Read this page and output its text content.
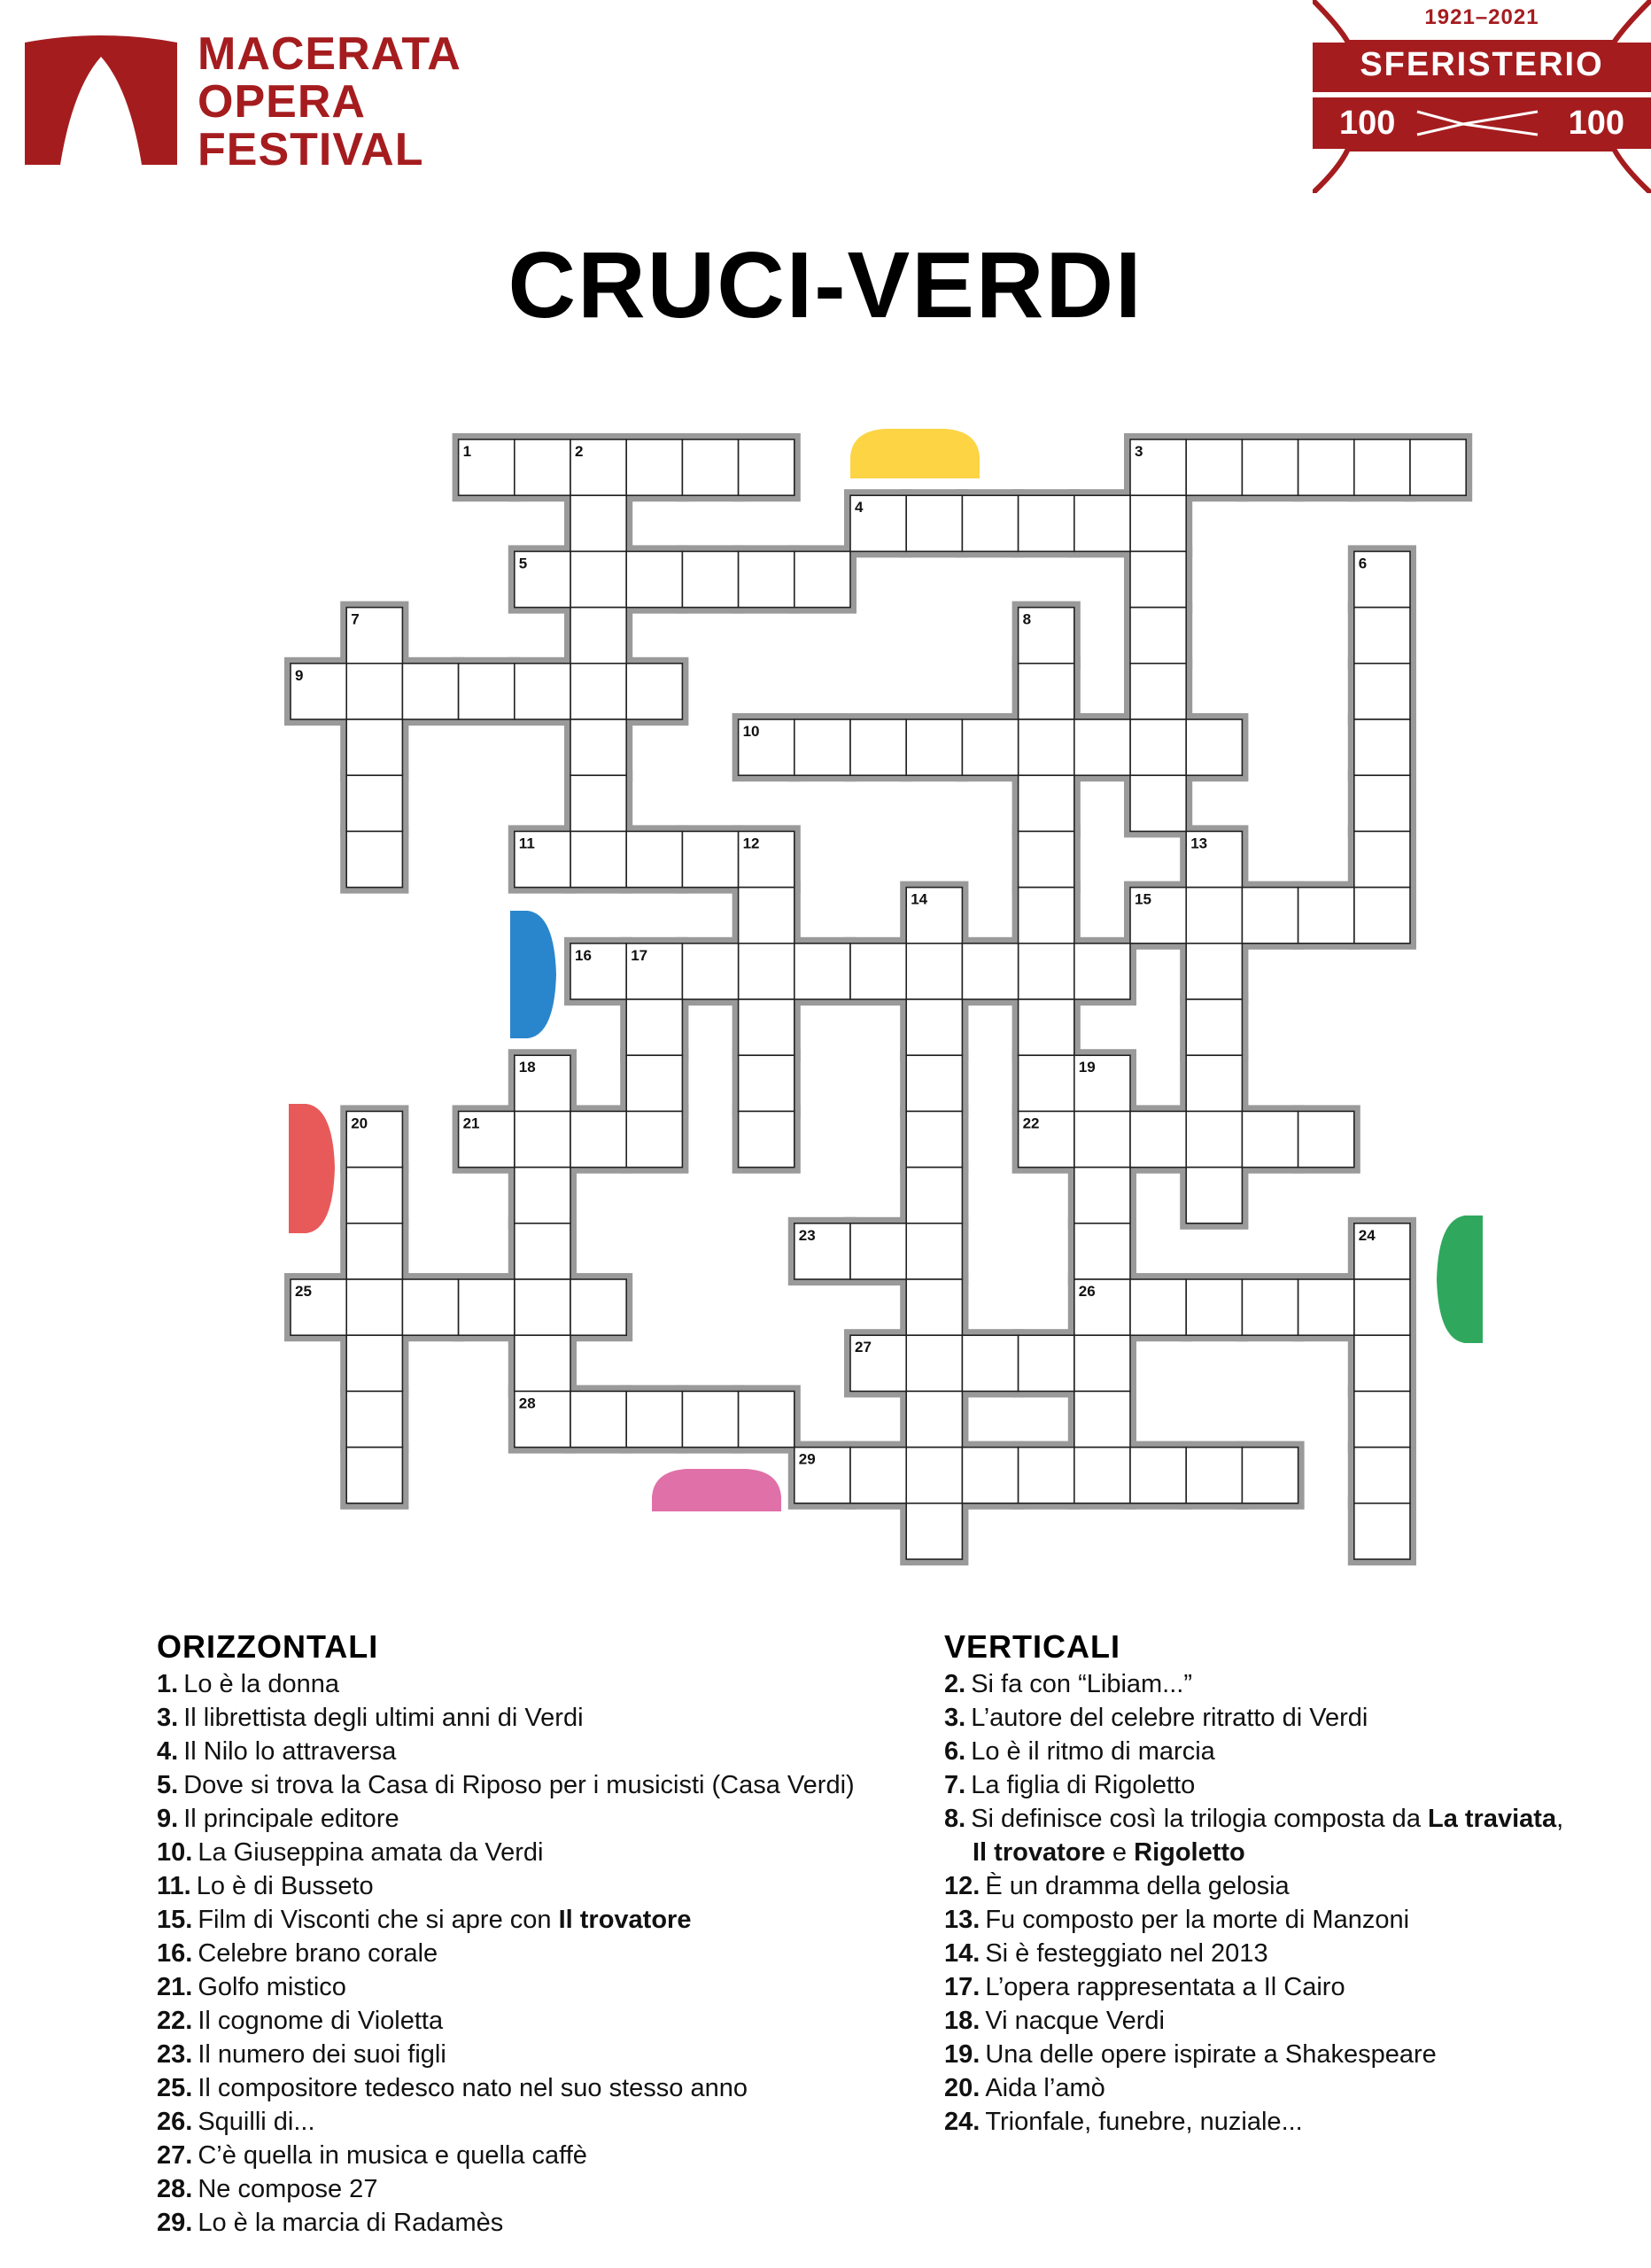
MACERATA
OPERA
FESTIVAL
1921–2021
SFERISTERIO
100	100
CRUCI-VERDI
1	2	3
4
5	6
7	8
9
10
11	12	13
14	15
16	17
18	19
20	21	22
23	24
25	26
27
28
29
ORIZZONTALI
1. Lo è la donna
3. Il librettista degli ultimi anni di Verdi
4. Il Nilo lo attraversa
5. Dove si trova la Casa di Riposo per i musicisti (Casa Verdi)
9. Il principale editore
10. La Giuseppina amata da Verdi
11. Lo è di Busseto
15. Film di Visconti che si apre con Il trovatore
16. Celebre brano corale
21. Golfo mistico
22. Il cognome di Violetta
23. Il numero dei suoi figli
25. Il compositore tedesco nato nel suo stesso anno
26. Squilli di...
27. C’è quella in musica e quella caffè
28. Ne compose 27
29. Lo è la marcia di Radamès
VERTICALI
2. Si fa con “Libiam...”
3. L’autore del celebre ritratto di Verdi
6. Lo è il ritmo di marcia
7. La figlia di Rigoletto
8. Si definisce così la trilogia composta da La traviata,
Il trovatore e Rigoletto
12. È un dramma della gelosia
13. Fu composto per la morte di Manzoni
14. Si è festeggiato nel 2013
17. L’opera rappresentata a Il Cairo
18. Vi nacque Verdi
19. Una delle opere ispirate a Shakespeare
20. Aida l’amò
24. Trionfale, funebre, nuziale...
